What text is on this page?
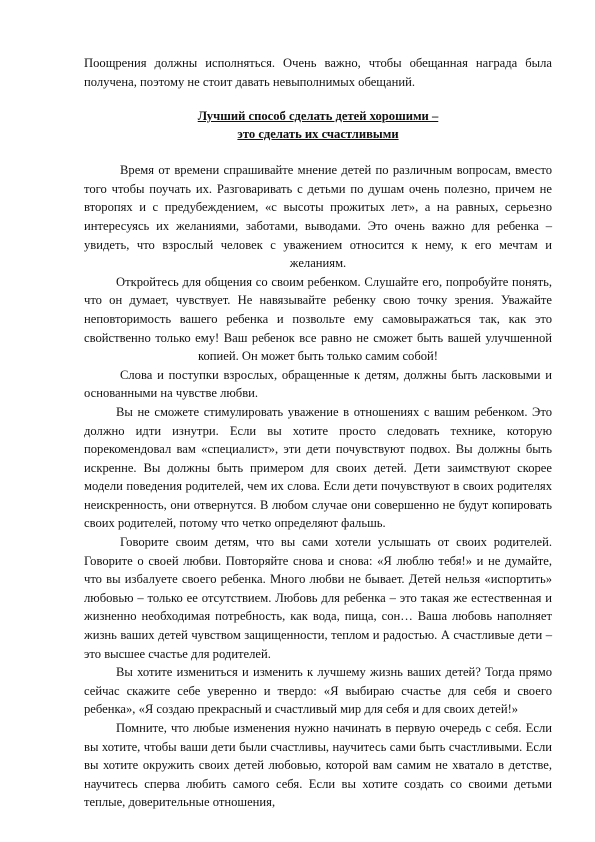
Поощрения должны исполняться. Очень важно, чтобы обещанная награда была получена, поэтому не стоит давать невыполнимых обещаний.

Лучший способ сделать детей хорошими –
это сделать их счастливыми

Время от времени спрашивайте мнение детей по различным вопросам, вместо того чтобы поучать их. Разговаривать с детьми по душам очень полезно, причем не второпях и с предубеждением, «с высоты прожитых лет», а на равных, серьезно интересуясь их желаниями, заботами, выводами. Это очень важно для ребенка – увидеть, что взрослый человек с уважением относится к нему, к его мечтам и желаниям.

Откройтесь для общения со своим ребенком. Слушайте его, попробуйте понять, что он думает, чувствует. Не навязывайте ребенку свою точку зрения. Уважайте неповторимость вашего ребенка и позвольте ему самовыражаться так, как это свойственно только ему! Ваш ребенок все равно не сможет быть вашей улучшенной копией. Он может быть только самим собой!

Слова и поступки взрослых, обращенные к детям, должны быть ласковыми и основанными на чувстве любви.

Вы не сможете стимулировать уважение в отношениях с вашим ребенком. Это должно идти изнутри. Если вы хотите просто следовать технике, которую порекомендовал вам «специалист», эти дети почувствуют подвох. Вы должны быть искренне. Вы должны быть примером для своих детей. Дети заимствуют скорее модели поведения родителей, чем их слова. Если дети почувствуют в своих родителях неискренность, они отвернутся. В любом случае они совершенно не будут копировать своих родителей, потому что четко определяют фальшь.

Говорите своим детям, что вы сами хотели услышать от своих родителей. Говорите о своей любви. Повторяйте снова и снова: «Я люблю тебя!» и не думайте, что вы избалуете своего ребенка. Много любви не бывает. Детей нельзя «испортить» любовью – только ее отсутствием. Любовь для ребенка – это такая же естественная и жизненно необходимая потребность, как вода, пища, сон… Ваша любовь наполняет жизнь ваших детей чувством защищенности, теплом и радостью. А счастливые дети – это высшее счастье для родителей.

Вы хотите измениться и изменить к лучшему жизнь ваших детей? Тогда прямо сейчас скажите себе уверенно и твердо: «Я выбираю счастье для себя и своего ребенка», «Я создаю прекрасный и счастливый мир для себя и для своих детей!»

Помните, что любые изменения нужно начинать в первую очередь с себя. Если вы хотите, чтобы ваши дети были счастливы, научитесь сами быть счастливыми. Если вы хотите окружить своих детей любовью, которой вам самим не хватало в детстве, научитесь сперва любить самого себя. Если вы хотите создать со своими детьми теплые, доверительные отношения,
